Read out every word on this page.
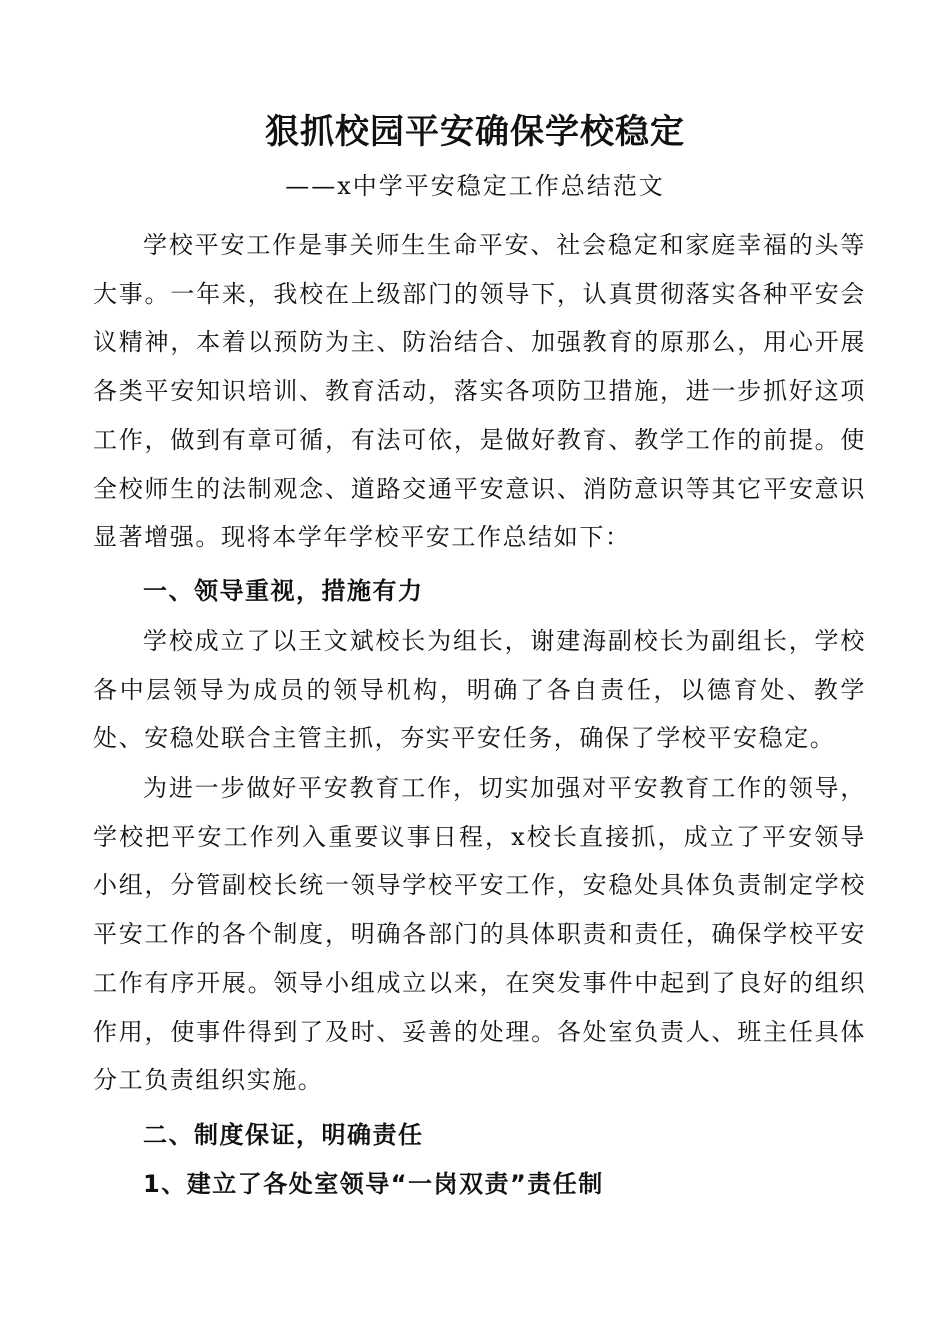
狠抓校园平安确保学校稳定
——x中学平安稳定工作总结范文
学校平安工作是事关师生生命平安、社会稳定和家庭幸福的头等大事。一年来，我校在上级部门的领导下，认真贯彻落实各种平安会议精神，本着以预防为主、防治结合、加强教育的原那么，用心开展各类平安知识培训、教育活动，落实各项防卫措施，进一步抓好这项工作，做到有章可循，有法可依，是做好教育、教学工作的前提。使全校师生的法制观念、道路交通平安意识、消防意识等其它平安意识显著增强。现将本学年学校平安工作总结如下：
一、领导重视，措施有力
学校成立了以王文斌校长为组长，谢建海副校长为副组长，学校各中层领导为成员的领导机构，明确了各自责任，以德育处、教学处、安稳处联合主管主抓，夯实平安任务，确保了学校平安稳定。
为进一步做好平安教育工作，切实加强对平安教育工作的领导，学校把平安工作列入重要议事日程，x校长直接抓，成立了平安领导小组，分管副校长统一领导学校平安工作，安稳处具体负责制定学校平安工作的各个制度，明确各部门的具体职责和责任，确保学校平安工作有序开展。领导小组成立以来，在突发事件中起到了良好的组织作用，使事件得到了及时、妥善的处理。各处室负责人、班主任具体分工负责组织实施。
二、制度保证，明确责任
1、建立了各处室领导“一岗双责”责任制
